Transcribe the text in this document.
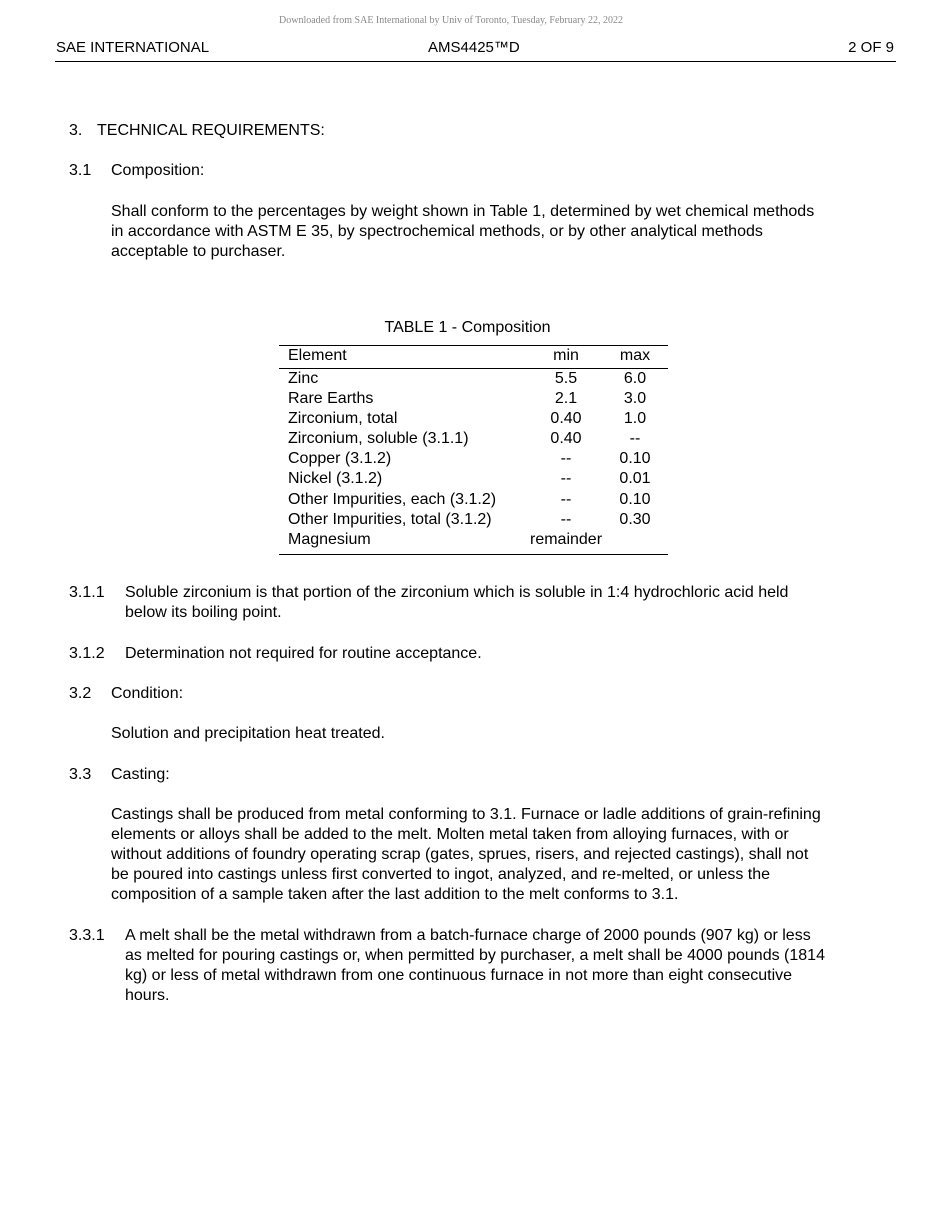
Downloaded from SAE International by Univ of Toronto, Tuesday, February 22, 2022
SAE INTERNATIONAL	AMS4425™D	2 OF 9
3. TECHNICAL REQUIREMENTS:
3.1 Composition:
Shall conform to the percentages by weight shown in Table 1, determined by wet chemical methods
in accordance with ASTM E 35, by spectrochemical methods, or by other analytical methods
acceptable to purchaser.
TABLE 1 - Composition
Element	min	max
Zinc	5.5	6.0
Rare Earths	2.1	3.0
Zirconium, total	0.40	1.0
Zirconium, soluble (3.1.1)	0.40	--
Copper (3.1.2)	--	0.10
Nickel (3.1.2)	--	0.01
Other Impurities, each (3.1.2)	--	0.10
Other Impurities, total (3.1.2)	--	0.30
Magnesium	remainder
3.1.1 Soluble zirconium is that portion of the zirconium which is soluble in 1:4 hydrochloric acid held
below its boiling point.
3.1.2 Determination not required for routine acceptance.
3.2 Condition:
Solution and precipitation heat treated.
3.3 Casting:
Castings shall be produced from metal conforming to 3.1. Furnace or ladle additions of grain-refining
elements or alloys shall be added to the melt. Molten metal taken from alloying furnaces, with or
without additions of foundry operating scrap (gates, sprues, risers, and rejected castings), shall not
be poured into castings unless first converted to ingot, analyzed, and re-melted, or unless the
composition of a sample taken after the last addition to the melt conforms to 3.1.
3.3.1 A melt shall be the metal withdrawn from a batch-furnace charge of 2000 pounds (907 kg) or less
as melted for pouring castings or, when permitted by purchaser, a melt shall be 4000 pounds (1814
kg) or less of metal withdrawn from one continuous furnace in not more than eight consecutive
hours.
